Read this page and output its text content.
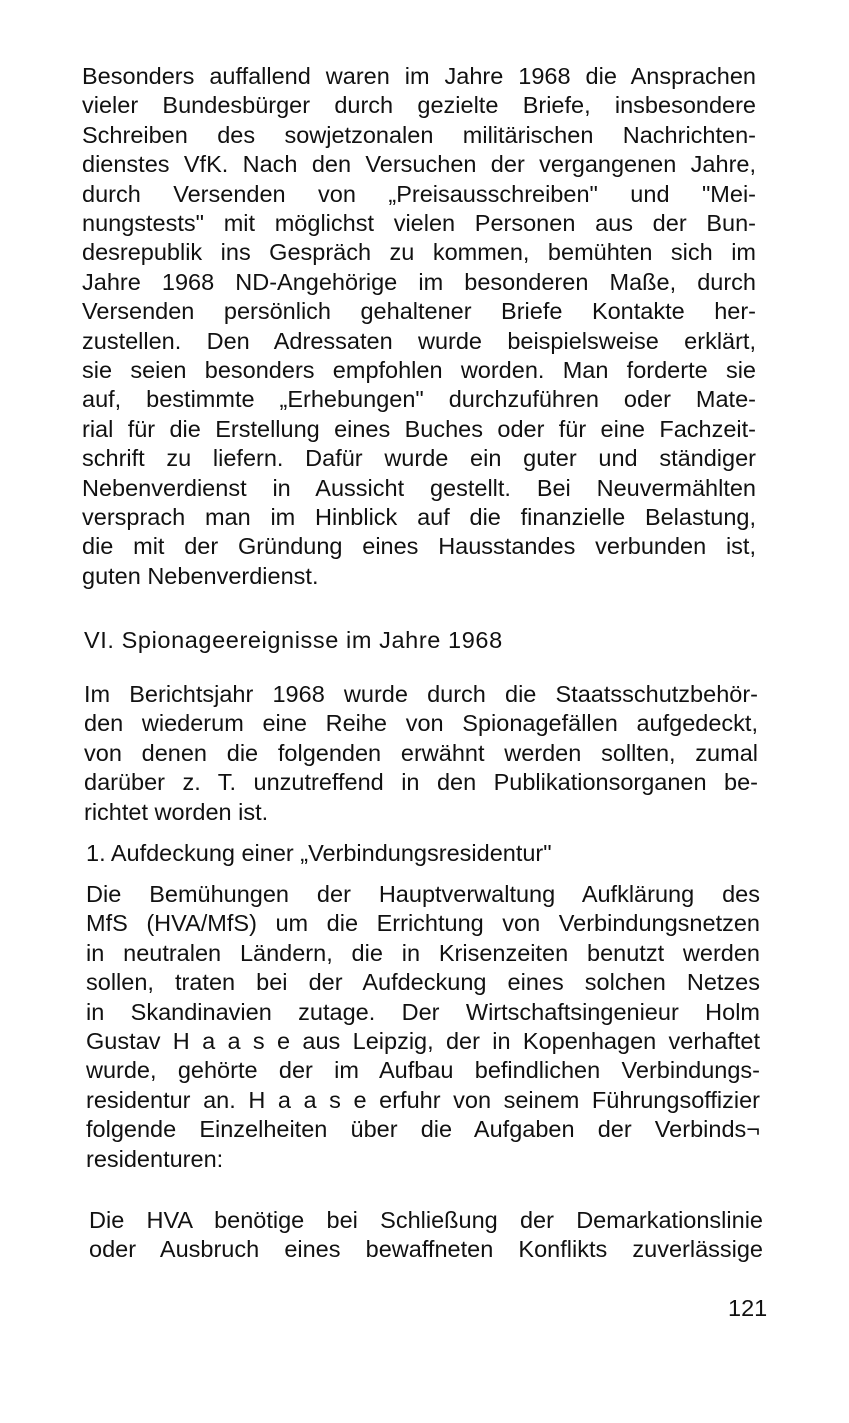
Besonders auffallend waren im Jahre 1968 die Ansprachen
vieler Bundesbürger durch gezielte Briefe, insbesondere
Schreiben des sowjetzonalen militärischen Nachrichten-
dienstes VfK. Nach den Versuchen der vergangenen Jahre,
durch Versenden von „Preisausschreiben" und "Mei-
nungstests" mit möglichst vielen Personen aus der Bun-
desrepublik ins Gespräch zu kommen, bemühten sich im
Jahre 1968 ND-Angehörige im besonderen Maße, durch
Versenden persönlich gehaltener Briefe Kontakte her-
zustellen. Den Adressaten wurde beispielsweise erklärt,
sie seien besonders empfohlen worden. Man forderte sie
auf, bestimmte „Erhebungen" durchzuführen oder Mate-
rial für die Erstellung eines Buches oder für eine Fachzeit-
schrift zu liefern. Dafür wurde ein guter und ständiger
Nebenverdienst in Aussicht gestellt. Bei Neuvermählten
versprach man im Hinblick auf die finanzielle Belastung,
die mit der Gründung eines Hausstandes verbunden ist,
guten Nebenverdienst.
VI. Spionageereignisse im Jahre 1968
Im Berichtsjahr 1968 wurde durch die Staatsschutzbehör-
den wiederum eine Reihe von Spionagefällen aufgedeckt,
von denen die folgenden erwähnt werden sollten, zumal
darüber z. T. unzutreffend in den Publikationsorganen be-
richtet worden ist.
1. Aufdeckung einer „Verbindungsresidentur"
Die Bemühungen der Hauptverwaltung Aufklärung des
MfS (HVA/MfS) um die Errichtung von Verbindungsnetzen
in neutralen Ländern, die in Krisenzeiten benutzt werden
sollen, traten bei der Aufdeckung eines solchen Netzes
in Skandinavien zutage. Der Wirtschaftsingenieur Holm
Gustav H a a s e aus Leipzig, der in Kopenhagen verhaftet
wurde, gehörte der im Aufbau befindlichen Verbindungs-
residentur an. H a a s e erfuhr von seinem Führungsoffizier
folgende Einzelheiten über die Aufgaben der Verbinds¬
residenturen:
Die HVA benötige bei Schließung der Demarkationslinie
oder Ausbruch eines bewaffneten Konflikts zuverlässige
121
